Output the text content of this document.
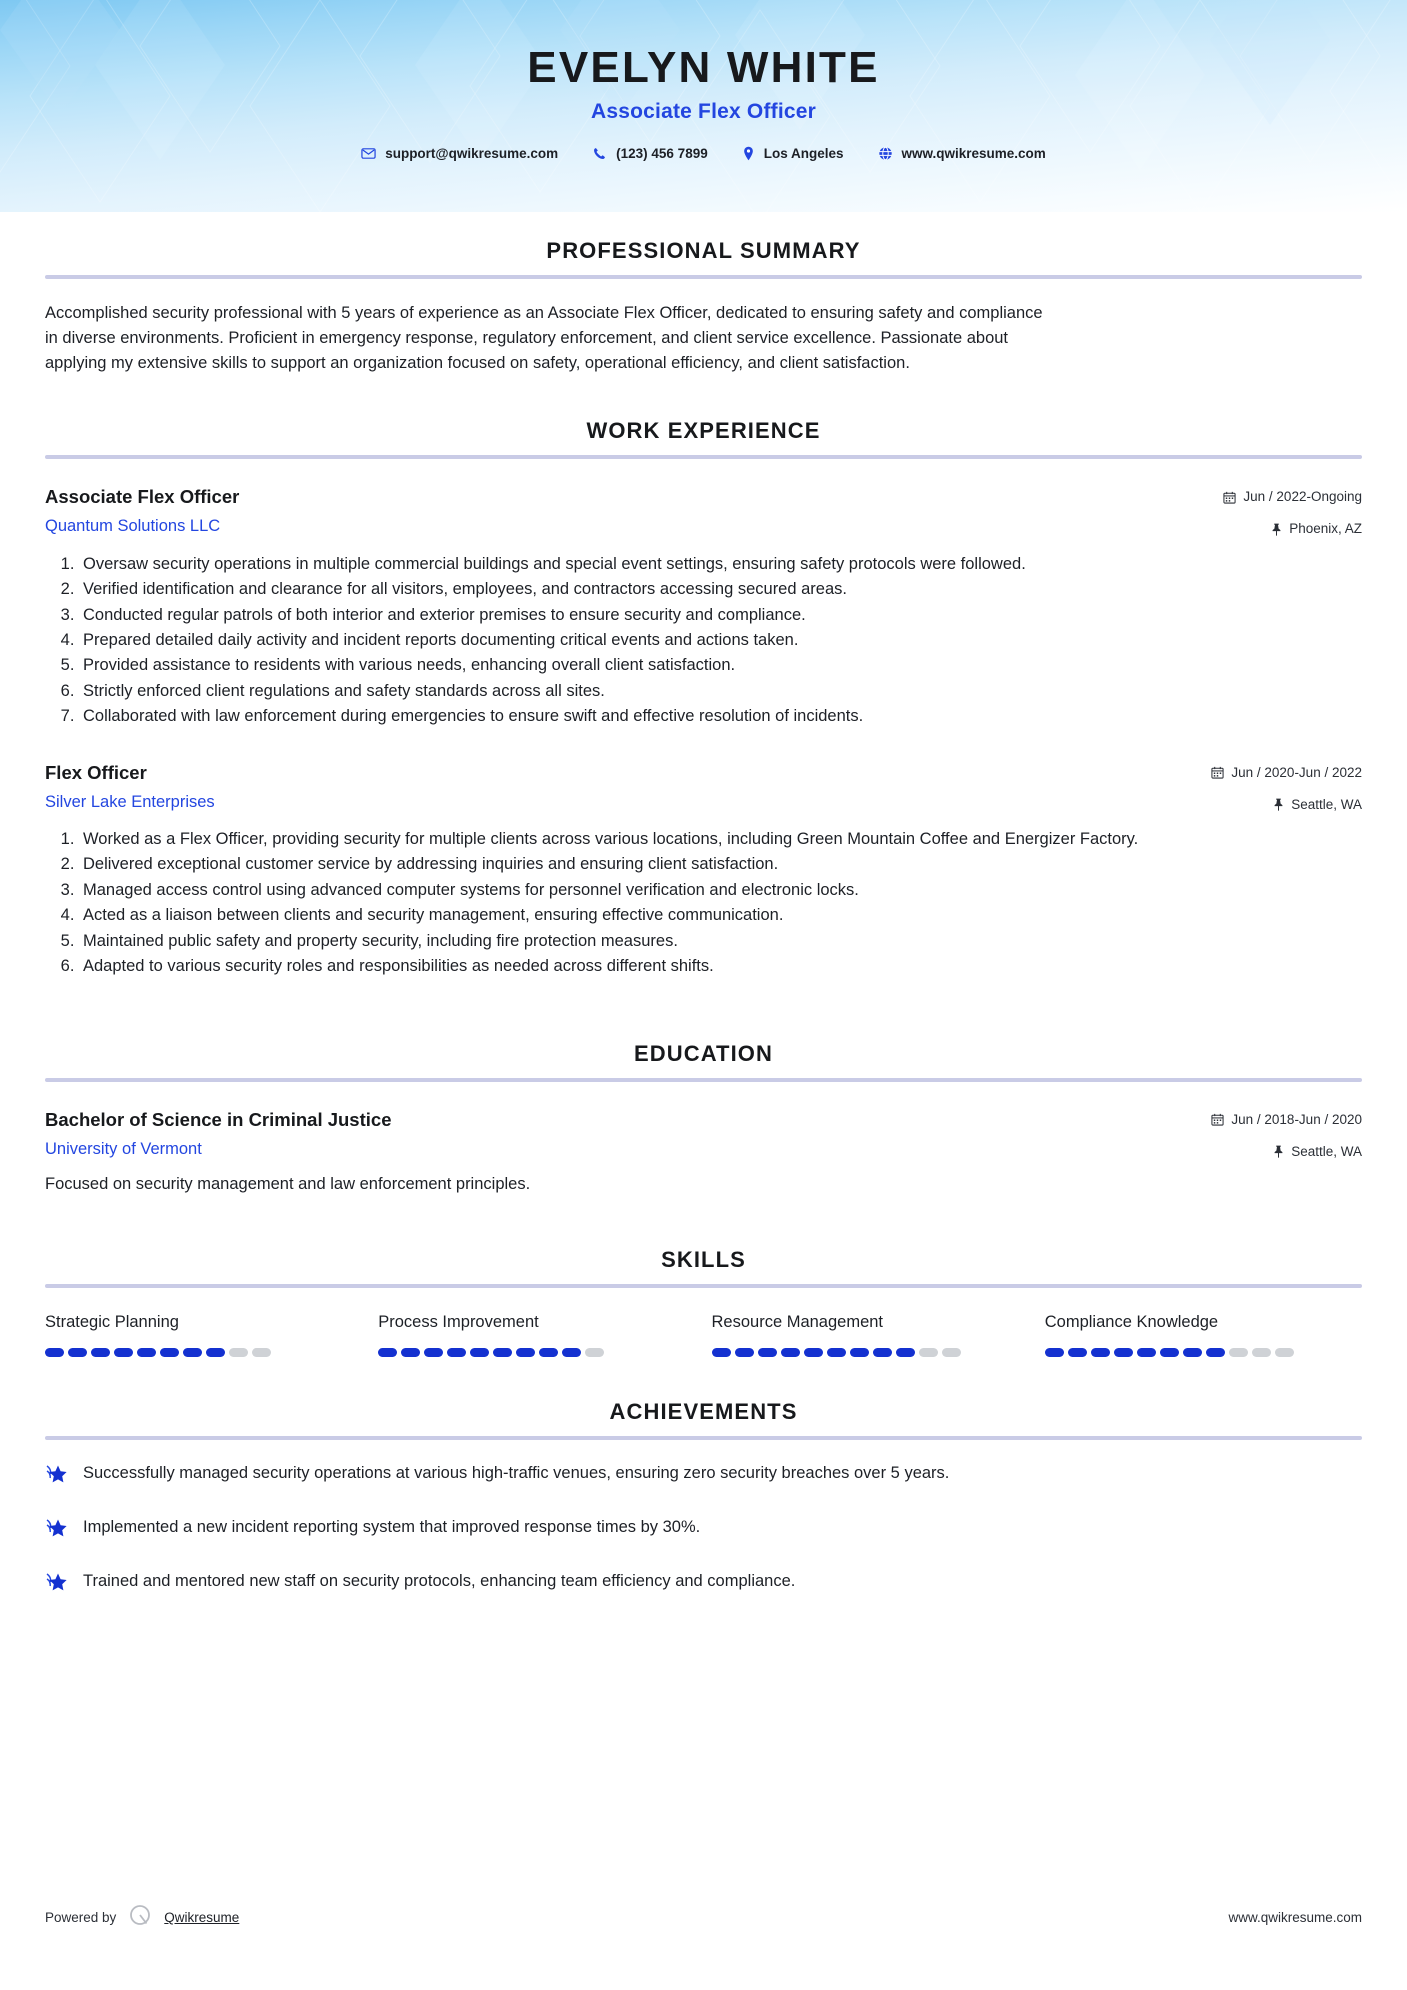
EVELYN WHITE
Associate Flex Officer
support@qwikresume.com	(123) 456 7899	Los Angeles	www.qwikresume.com
PROFESSIONAL SUMMARY

Accomplished security professional with 5 years of experience as an Associate Flex Officer, dedicated to ensuring safety and compliance in diverse environments. Proficient in emergency response, regulatory enforcement, and client service excellence. Passionate about applying my extensive skills to support an organization focused on safety, operational efficiency, and client satisfaction.

WORK EXPERIENCE
Associate Flex Officer
Quantum Solutions LLC
Jun / 2022-Ongoing
Phoenix, AZ
1. Oversaw security operations in multiple commercial buildings and special event settings, ensuring safety protocols were followed.
2. Verified identification and clearance for all visitors, employees, and contractors accessing secured areas.
3. Conducted regular patrols of both interior and exterior premises to ensure security and compliance.
4. Prepared detailed daily activity and incident reports documenting critical events and actions taken.
5. Provided assistance to residents with various needs, enhancing overall client satisfaction.
6. Strictly enforced client regulations and safety standards across all sites.
7. Collaborated with law enforcement during emergencies to ensure swift and effective resolution of incidents.
Flex Officer
Silver Lake Enterprises
Jun / 2020-Jun / 2022
Seattle, WA
1. Worked as a Flex Officer, providing security for multiple clients across various locations, including Green Mountain Coffee and Energizer Factory.
2. Delivered exceptional customer service by addressing inquiries and ensuring client satisfaction.
3. Managed access control using advanced computer systems for personnel verification and electronic locks.
4. Acted as a liaison between clients and security management, ensuring effective communication.
5. Maintained public safety and property security, including fire protection measures.
6. Adapted to various security roles and responsibilities as needed across different shifts.
EDUCATION
Bachelor of Science in Criminal Justice
University of Vermont
Jun / 2018-Jun / 2020
Seattle, WA
Focused on security management and law enforcement principles.
SKILLS
Strategic Planning	Process Improvement	Resource Management	Compliance Knowledge
ACHIEVEMENTS
Successfully managed security operations at various high-traffic venues, ensuring zero security breaches over 5 years.
Implemented a new incident reporting system that improved response times by 30%.
Trained and mentored new staff on security protocols, enhancing team efficiency and compliance.
Powered by	Qwikresume	www.qwikresume.com
